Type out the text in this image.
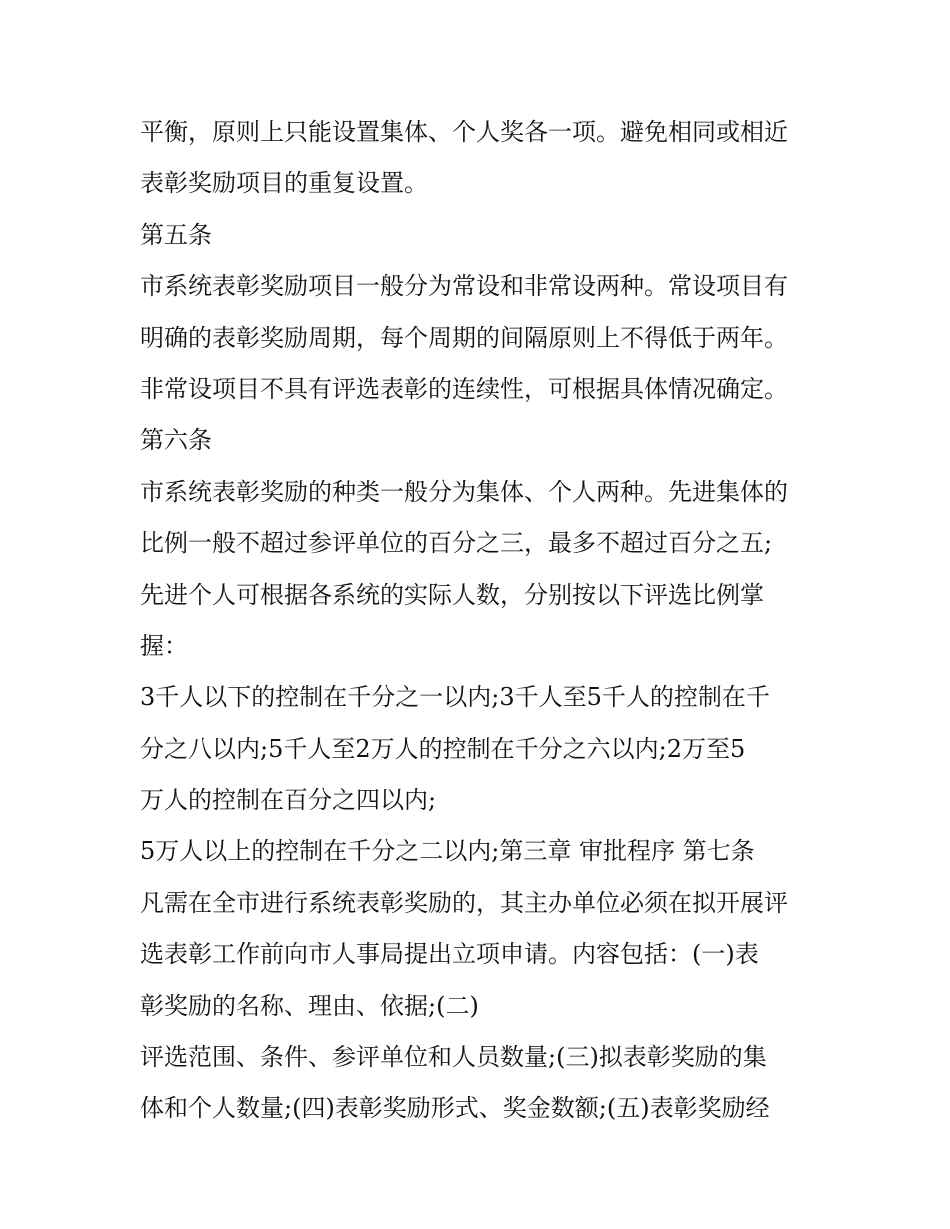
平衡，原则上只能设置集体、个人奖各一项。避免相同或相近
表彰奖励项目的重复设置。
第五条
市系统表彰奖励项目一般分为常设和非常设两种。常设项目有
明确的表彰奖励周期，每个周期的间隔原则上不得低于两年。
非常设项目不具有评选表彰的连续性，可根据具体情况确定。
第六条
市系统表彰奖励的种类一般分为集体、个人两种。先进集体的
比例一般不超过参评单位的百分之三，最多不超过百分之五;
先进个人可根据各系统的实际人数，分别按以下评选比例掌
握：
3千人以下的控制在千分之一以内;3千人至5千人的控制在千
分之八以内;5千人至2万人的控制在千分之六以内;2万至5
万人的控制在百分之四以内;
5万人以上的控制在千分之二以内;第三章 审批程序 第七条
凡需在全市进行系统表彰奖励的，其主办单位必须在拟开展评
选表彰工作前向市人事局提出立项申请。内容包括：(一)表
彰奖励的名称、理由、依据;(二)
评选范围、条件、参评单位和人员数量;(三)拟表彰奖励的集
体和个人数量;(四)表彰奖励形式、奖金数额;(五)表彰奖励经
